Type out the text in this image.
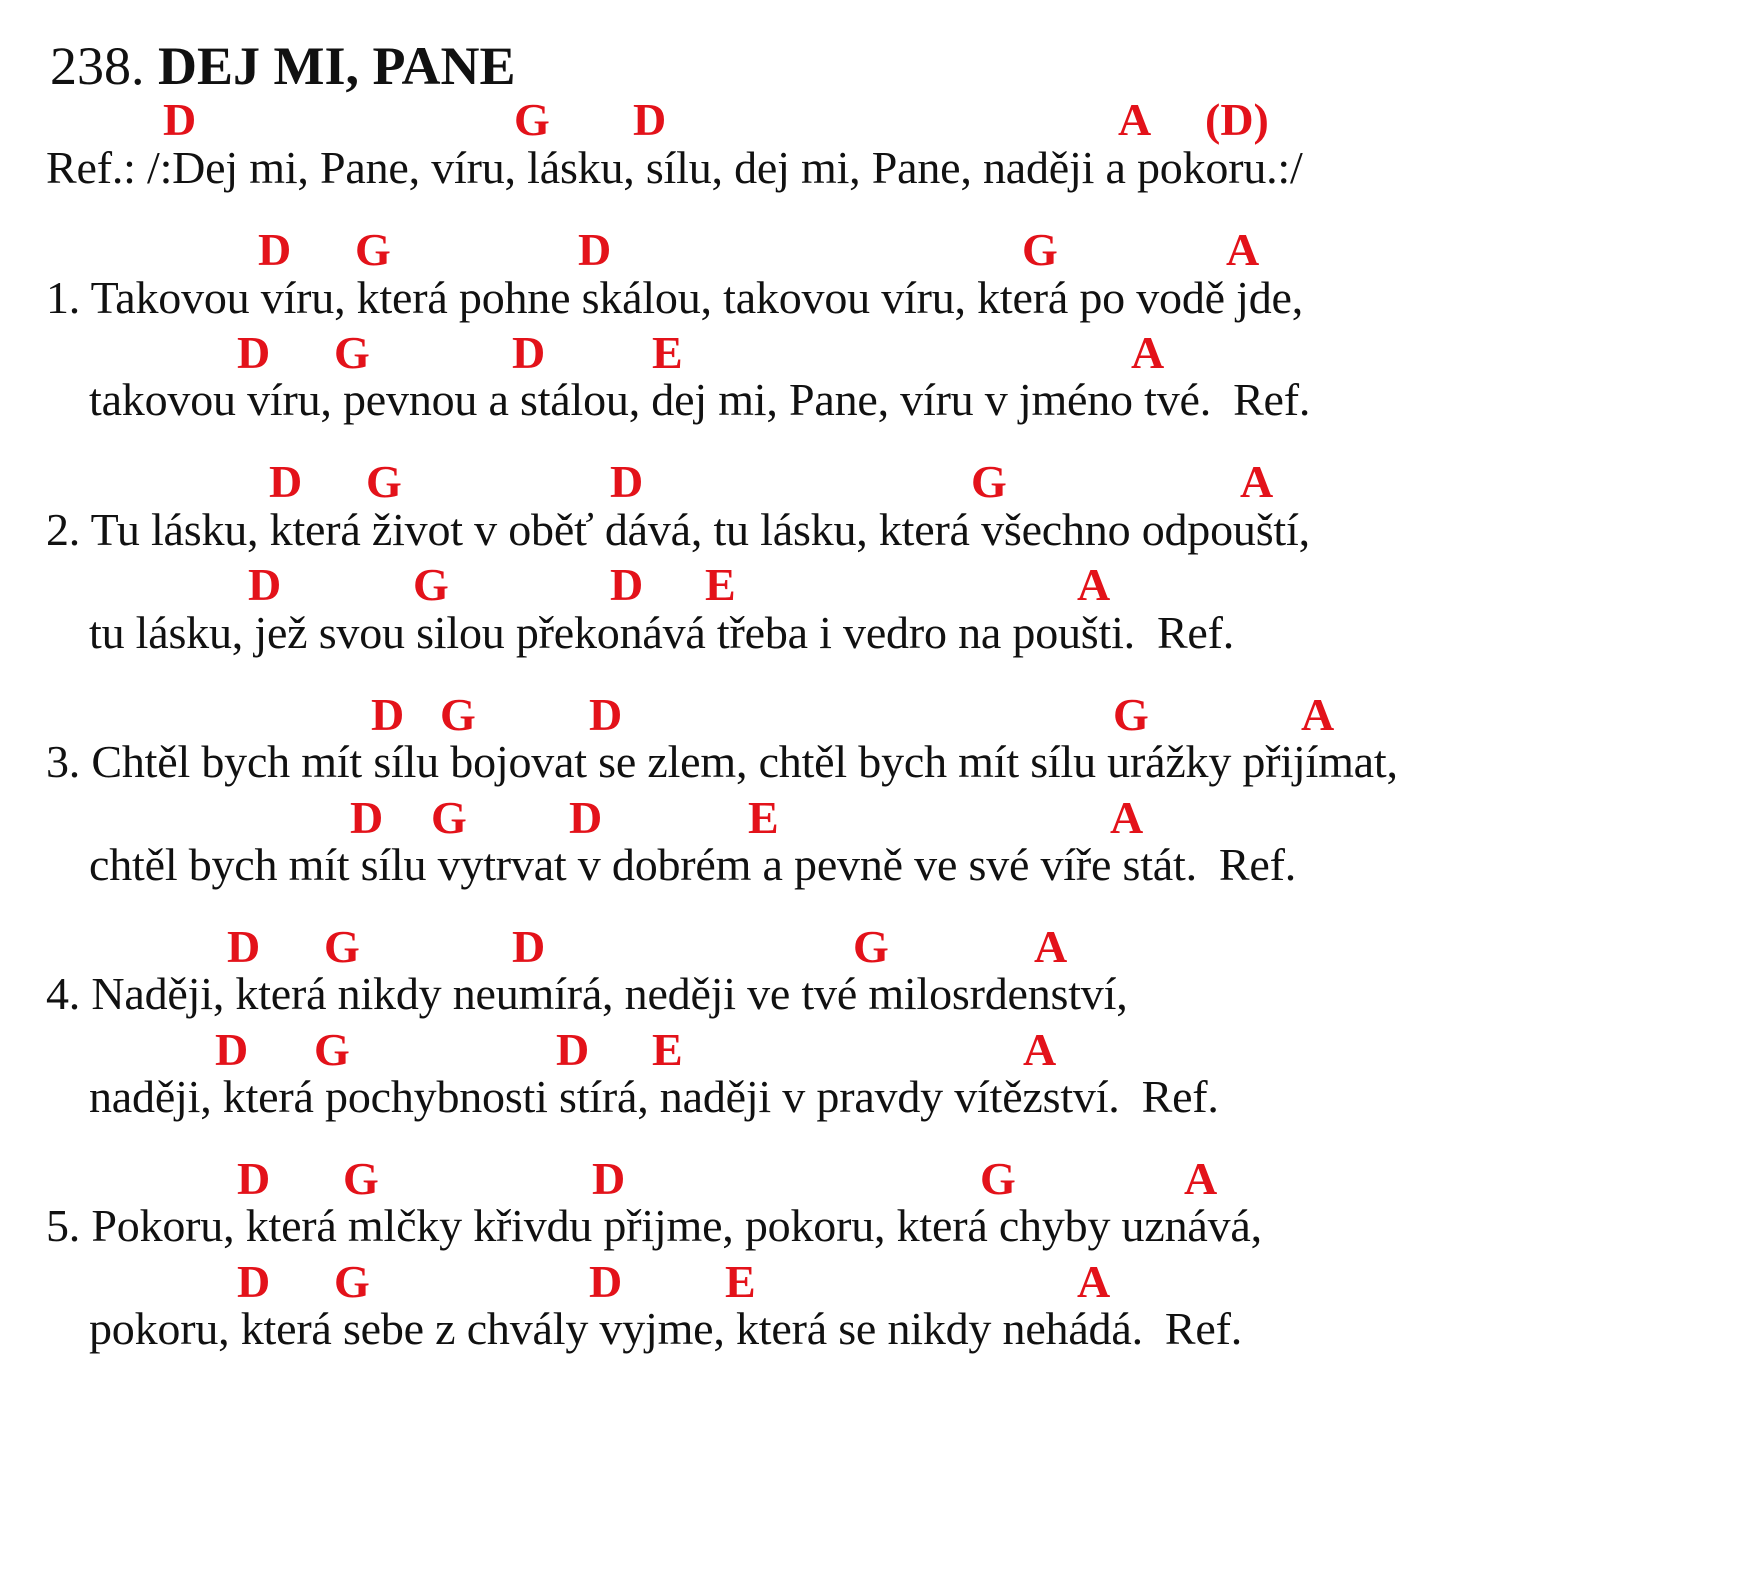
238. DEJ MI, PANE
D	G D	A (D)
Ref.: /:Dej mi, Pane, víru, lásku, sílu, dej mi, Pane, naději a pokoru.:/
D G	D	G	A
1. Takovou víru, která pohne skálou, takovou víru, která po vodě jde,
D G	D E	A
takovou víru, pevnou a stálou, dej mi, Pane, víru v jméno tvé. Ref.
D G	D	G	A
2. Tu lásku, která život v oběť dává, tu lásku, která všechno odpouští,
D	G	D E	A
tu lásku, jež svou silou překonává třeba i vedro na poušti. Ref.
D G D	G	A
3. Chtěl bych mít sílu bojovat se zlem, chtěl bych mít sílu urážky přijímat,
D G D	E	A
chtěl bych mít sílu vytrvat v dobrém a pevně ve své víře stát. Ref.
D G	D	G	A
4. Naději, která nikdy neumírá, neději ve tvé milosrdenství,
D G	D E	A
naději, která pochybnosti stírá, naději v pravdy vítězství. Ref.
D G	D	G	A
5. Pokoru, která mlčky křivdu přijme, pokoru, která chyby uznává,
D G	D E	A
pokoru, která sebe z chvály vyjme, která se nikdy nehádá. Ref.
